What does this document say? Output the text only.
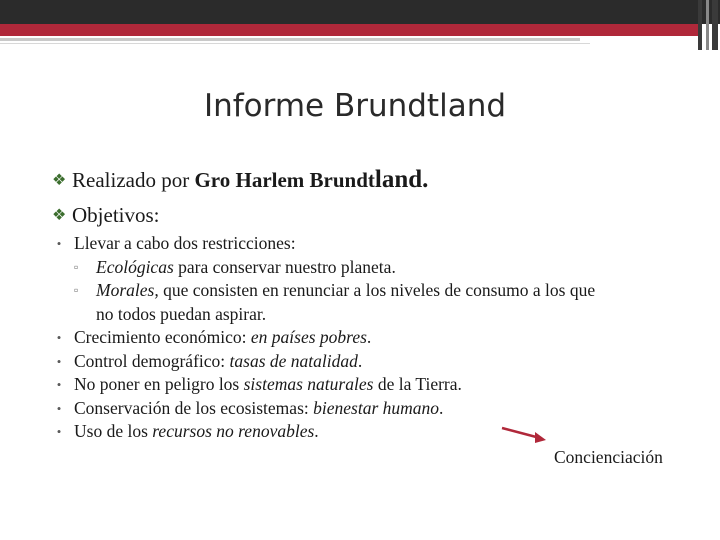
Informe Brundtland
❖ Realizado por Gro Harlem Brundtland.
❖ Objetivos:
• Llevar a cabo dos restricciones:
▫ Ecológicas para conservar nuestro planeta.
▫ Morales, que consisten en renunciar a los niveles de consumo a los que
no todos puedan aspirar.
• Crecimiento económico: en países pobres.
• Control demográfico: tasas de natalidad.
• No poner en peligro los sistemas naturales de la Tierra.
• Conservación de los ecosistemas: bienestar humano.
• Uso de los recursos no renovables.
Concienciación
